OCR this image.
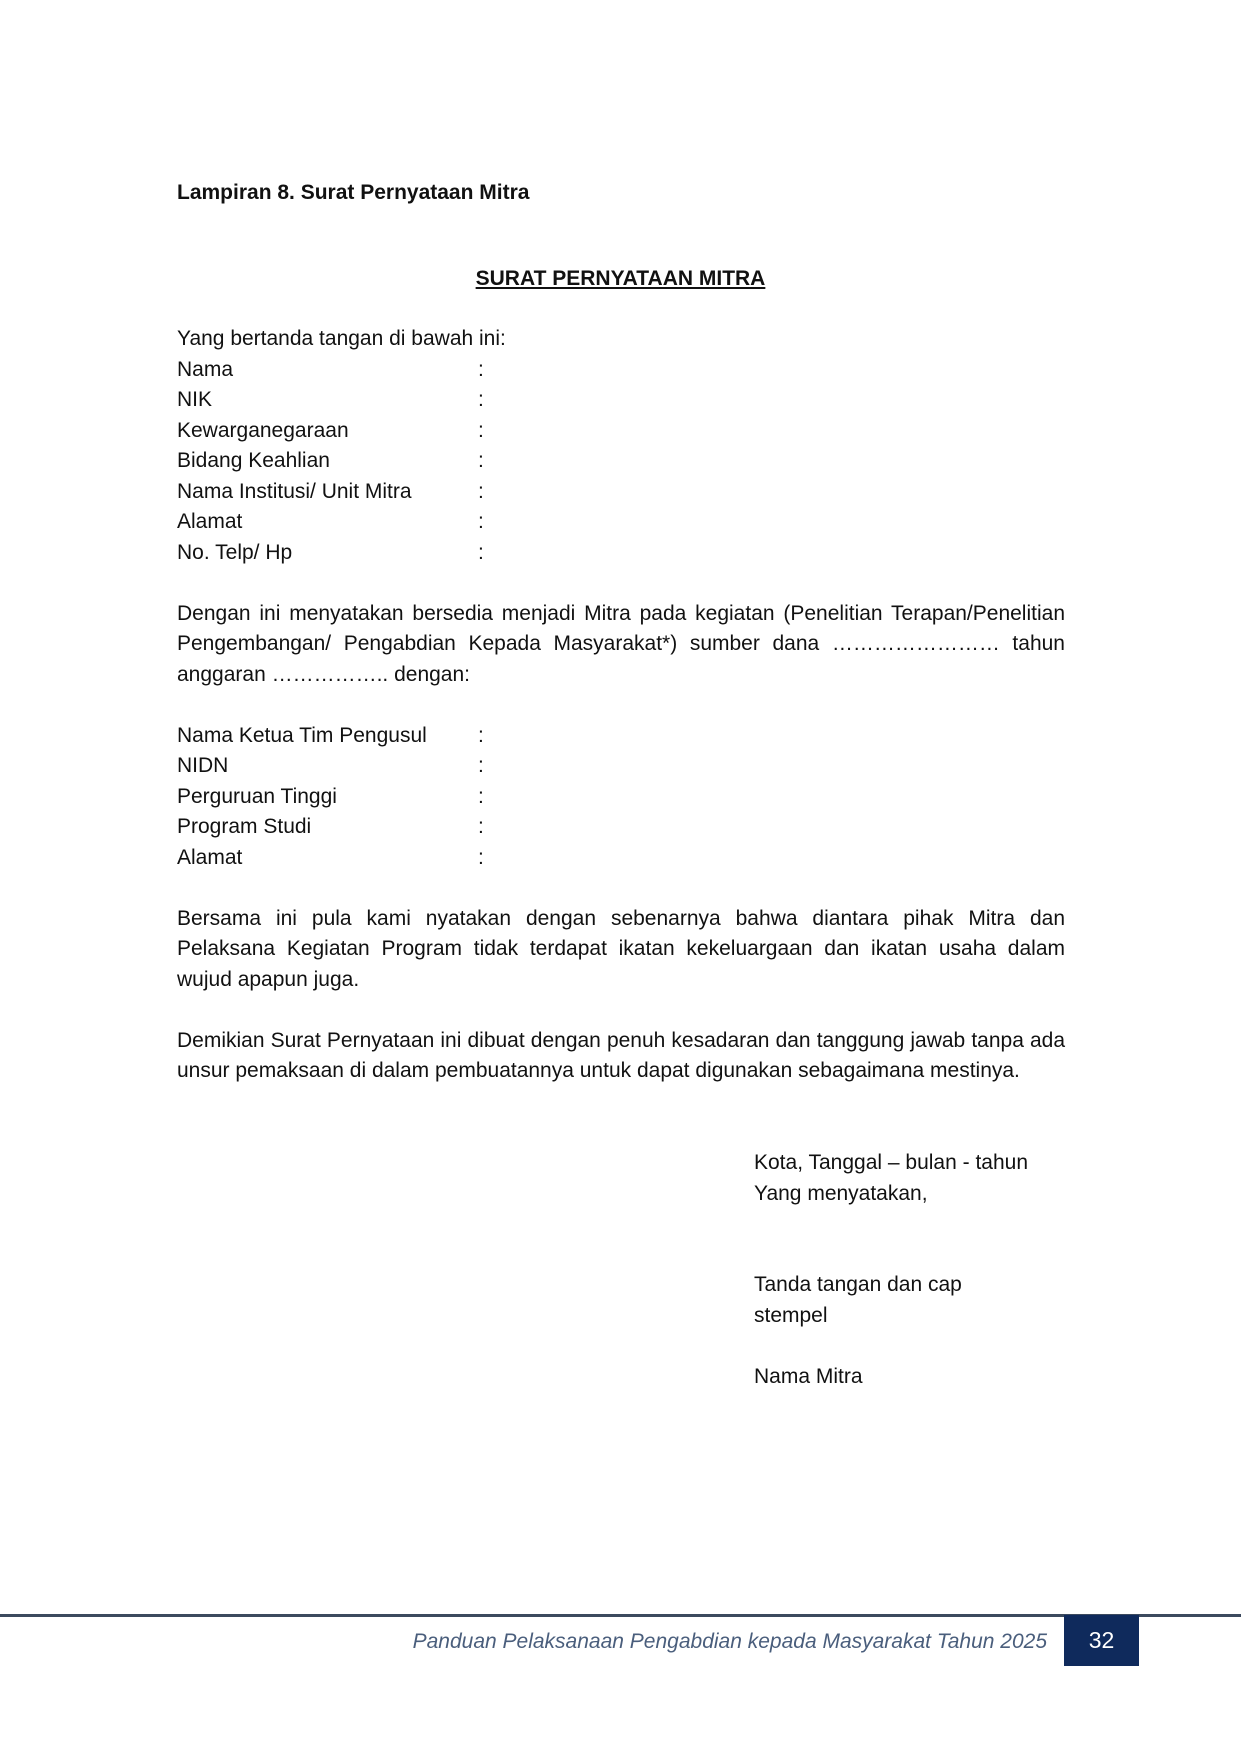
Lampiran 8. Surat Pernyataan Mitra
SURAT PERNYATAAN MITRA

Yang bertanda tangan di bawah ini:

Nama	:
NIK	:
Kewarganegaraan	:
Bidang Keahlian	:
Nama Institusi/ Unit Mitra	:
Alamat	:
No. Telp/ Hp	:

Dengan ini menyatakan bersedia menjadi Mitra pada kegiatan (Penelitian Terapan/Penelitian Pengembangan/ Pengabdian Kepada Masyarakat*) sumber dana …………………… tahun anggaran …………….. dengan:

Nama Ketua Tim Pengusul	:
NIDN	:
Perguruan Tinggi	:
Program Studi	:
Alamat	:

Bersama ini pula kami nyatakan dengan sebenarnya bahwa diantara pihak Mitra dan Pelaksana Kegiatan Program tidak terdapat ikatan kekeluargaan dan ikatan usaha dalam wujud apapun juga.

Demikian Surat Pernyataan ini dibuat dengan penuh kesadaran dan tanggung jawab tanpa ada unsur pemaksaan di dalam pembuatannya untuk dapat digunakan sebagaimana mestinya.

Kota, Tanggal – bulan - tahun
Yang menyatakan,
Tanda tangan dan cap
stempel
Nama Mitra
Panduan Pelaksanaan Pengabdian kepada Masyarakat Tahun 2025	32
